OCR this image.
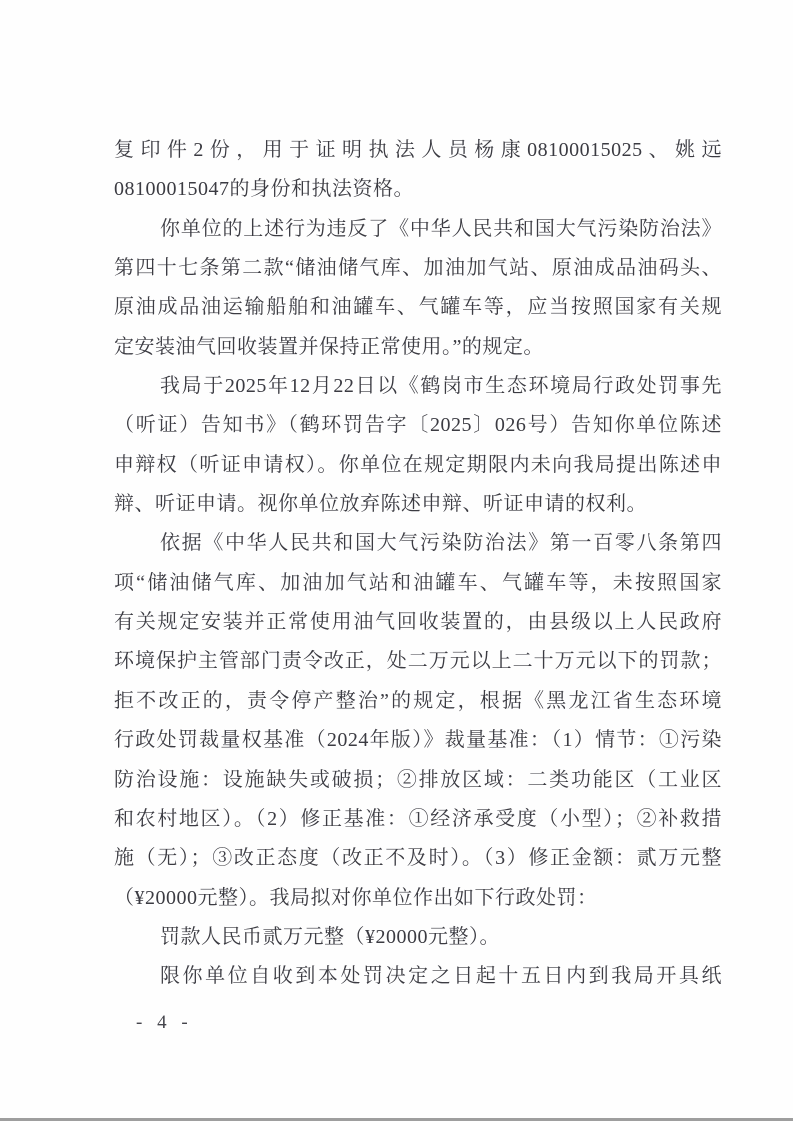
复印件2份，用于证明执法人员杨康08100015025、姚远
08100015047的身份和执法资格。
你单位的上述行为违反了《中华人民共和国大气污染防治法》
第四十七条第二款“储油储气库、加油加气站、原油成品油码头、
原油成品油运输船舶和油罐车、气罐车等，应当按照国家有关规
定安装油气回收装置并保持正常使用。”的规定。
我局于2025年12月22日以《鹤岗市生态环境局行政处罚事先
（听证）告知书》（鹤环罚告字〔2025〕026号）告知你单位陈述
申辩权（听证申请权）。你单位在规定期限内未向我局提出陈述申
辩、听证申请。视你单位放弃陈述申辩、听证申请的权利。
依据《中华人民共和国大气污染防治法》第一百零八条第四
项“储油储气库、加油加气站和油罐车、气罐车等，未按照国家
有关规定安装并正常使用油气回收装置的，由县级以上人民政府
环境保护主管部门责令改正，处二万元以上二十万元以下的罚款；
拒不改正的，责令停产整治”的规定，根据《黑龙江省生态环境
行政处罚裁量权基准（2024年版）》裁量基准：（1）情节：①污染
防治设施：设施缺失或破损；②排放区域：二类功能区（工业区
和农村地区）。（2）修正基准：①经济承受度（小型）；②补救措
施（无）；③改正态度（改正不及时）。（3）修正金额：贰万元整
（¥20000元整）。我局拟对你单位作出如下行政处罚：
罚款人民币贰万元整（¥20000元整）。
限你单位自收到本处罚决定之日起十五日内到我局开具纸
- 4 -
